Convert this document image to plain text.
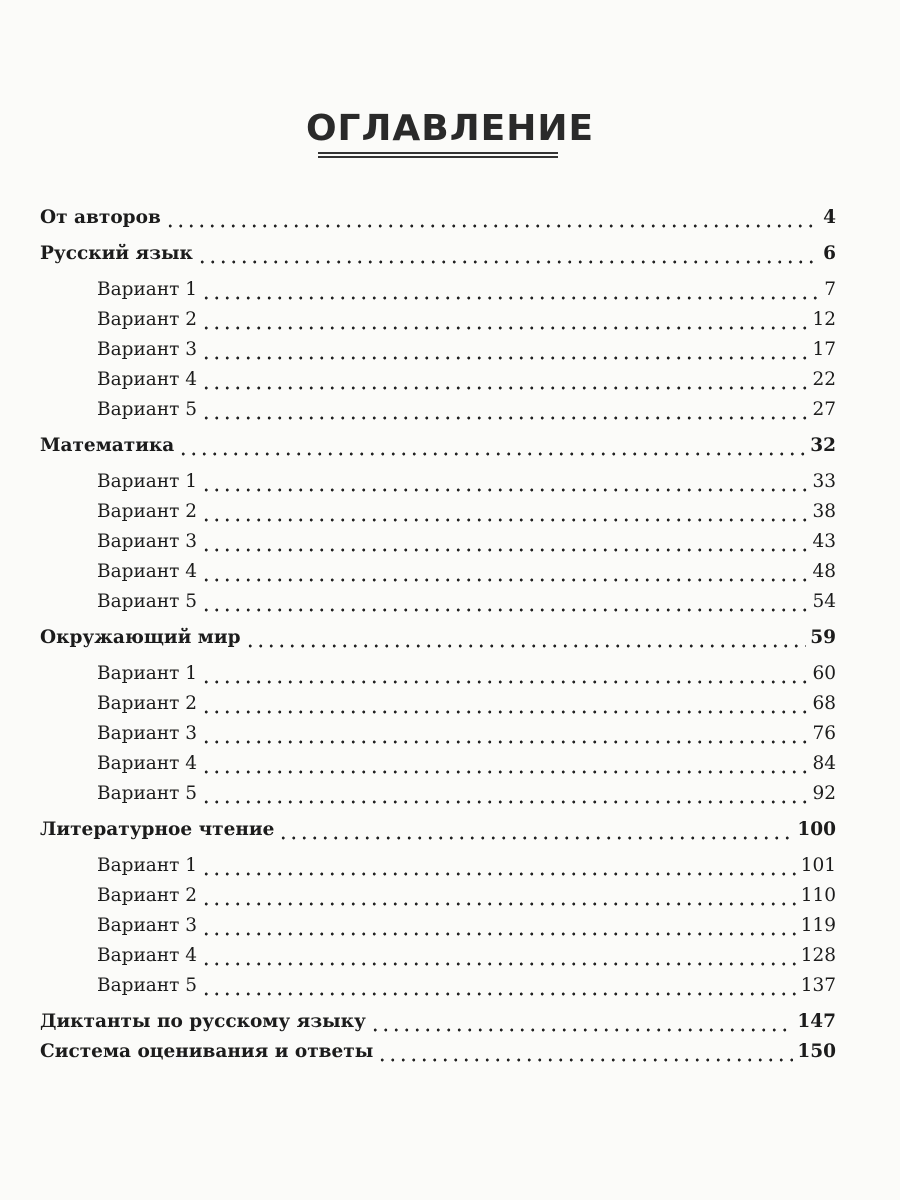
ОГЛАВЛЕНИЕ
От авторов	4
Русский язык	6
Вариант 1	7
Вариант 2	12
Вариант 3	17
Вариант 4	22
Вариант 5	27
Математика	32
Вариант 1	33
Вариант 2	38
Вариант 3	43
Вариант 4	48
Вариант 5	54
Окружающий мир	59
Вариант 1	60
Вариант 2	68
Вариант 3	76
Вариант 4	84
Вариант 5	92
Литературное чтение	100
Вариант 1	101
Вариант 2	110
Вариант 3	119
Вариант 4	128
Вариант 5	137
Диктанты по русскому языку	147
Система оценивания и ответы	150
